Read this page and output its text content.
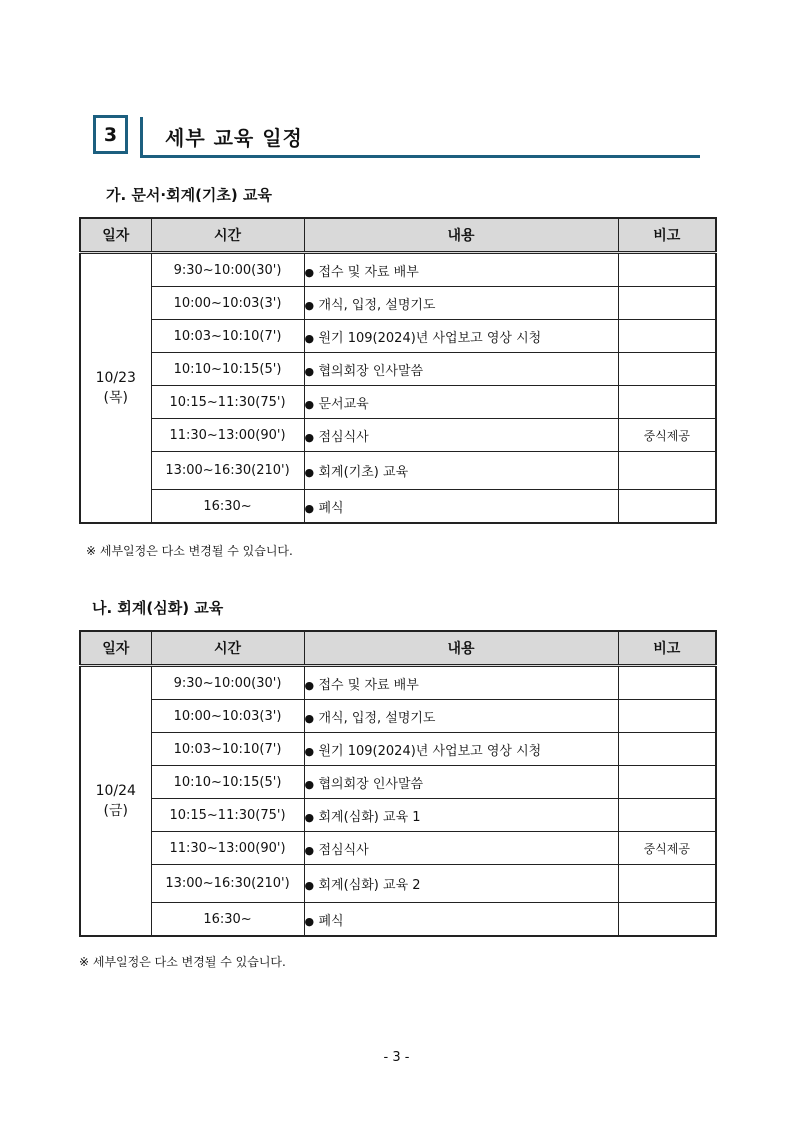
3	세부 교육 일정
가. 문서·회계(기초) 교육
일자	시간	내용	비고

10/23
(목)	9:30~10:00(30')	● 접수 및 자료 배부	
	10:00~10:03(3')	● 개식, 입정, 설명기도	
	10:03~10:10(7')	● 원기 109(2024)년 사업보고 영상 시청	
	10:10~10:15(5')	● 협의회장 인사말씀	
	10:15~11:30(75')	● 문서교육	
	11:30~13:00(90')	● 점심식사	중식제공
	13:00~16:30(210')	● 회계(기초) 교육	
	16:30~	● 폐식	
※ 세부일정은 다소 변경될 수 있습니다.
나. 회계(심화) 교육
일자	시간	내용	비고

10/24
(금)	9:30~10:00(30')	● 접수 및 자료 배부	
	10:00~10:03(3')	● 개식, 입정, 설명기도	
	10:03~10:10(7')	● 원기 109(2024)년 사업보고 영상 시청	
	10:10~10:15(5')	● 협의회장 인사말씀	
	10:15~11:30(75')	● 회계(심화) 교육 1	
	11:30~13:00(90')	● 점심식사	중식제공
	13:00~16:30(210')	● 회계(심화) 교육 2	
	16:30~	● 폐식	
※ 세부일정은 다소 변경될 수 있습니다.
- 3 -
